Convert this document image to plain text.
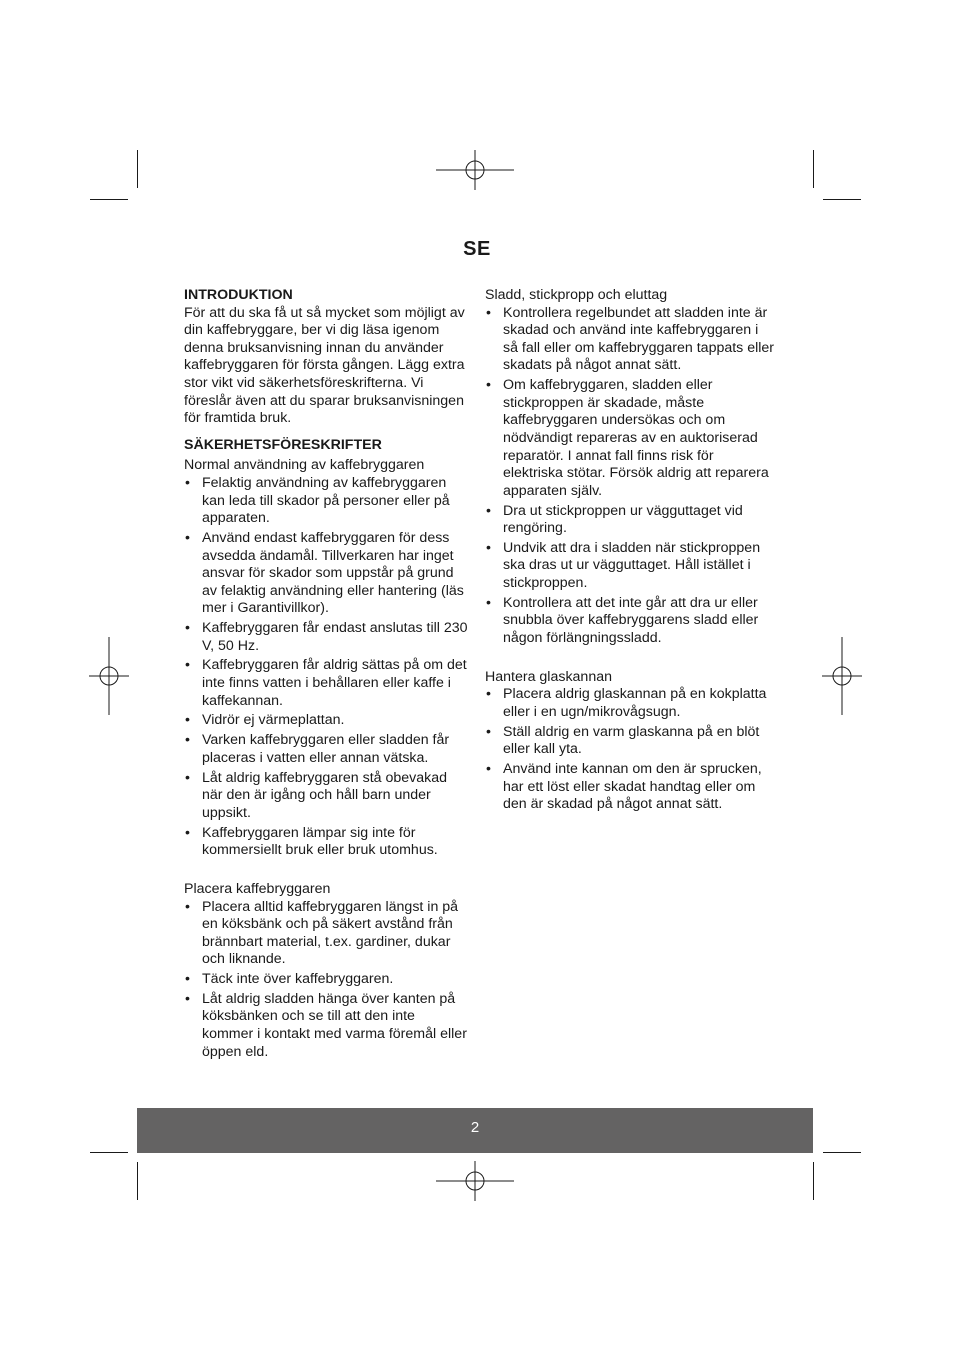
SE

INTRODUKTION

För att du ska få ut så mycket som möjligt av din kaffebryggare, ber vi dig läsa igenom denna bruksanvisning innan du använder kaffebryggaren för första gången. Lägg extra stor vikt vid säkerhetsföreskrifterna. Vi föreslår även att du sparar bruksanvisningen för framtida bruk.

SÄKERHETSFÖRESKRIFTER

Normal användning av kaffebryggaren

• Felaktig användning av kaffebryggaren kan leda till skador på personer eller på apparaten.
• Använd endast kaffebryggaren för dess avsedda ändamål. Tillverkaren har inget ansvar för skador som uppstår på grund av felaktig användning eller hantering (läs mer i Garantivillkor).
• Kaffebryggaren får endast anslutas till 230 V, 50 Hz.
• Kaffebryggaren får aldrig sättas på om det inte finns vatten i behållaren eller kaffe i kaffekannan.
• Vidrör ej värmeplattan.
• Varken kaffebryggaren eller sladden får placeras i vatten eller annan vätska.
• Låt aldrig kaffebryggaren stå obevakad när den är igång och håll barn under uppsikt.
• Kaffebryggaren lämpar sig inte för kommersiellt bruk eller bruk utomhus.

Placera kaffebryggaren

• Placera alltid kaffebryggaren längst in på en köksbänk och på säkert avstånd från brännbart material, t.ex. gardiner, dukar och liknande.
• Täck inte över kaffebryggaren.
• Låt aldrig sladden hänga över kanten på köksbänken och se till att den inte kommer i kontakt med varma föremål eller öppen eld.

Sladd, stickpropp och eluttag

• Kontrollera regelbundet att sladden inte är skadad och använd inte kaffebryggaren i så fall eller om kaffebryggaren tappats eller skadats på något annat sätt.
• Om kaffebryggaren, sladden eller stickproppen är skadade, måste kaffebryggaren undersökas och om nödvändigt repareras av en auktoriserad reparatör. I annat fall finns risk för elektriska stötar. Försök aldrig att reparera apparaten själv.
• Dra ut stickproppen ur vägguttaget vid rengöring.
• Undvik att dra i sladden när stickproppen ska dras ut ur vägguttaget. Håll istället i stickproppen.
• Kontrollera att det inte går att dra ur eller snubbla över kaffebryggarens sladd eller någon förlängningssladd.

Hantera glaskannan

• Placera aldrig glaskannan på en kokplatta eller i en ugn/mikrovågsugn.
• Ställ aldrig en varm glaskanna på en blöt eller kall yta.
• Använd inte kannan om den är sprucken, har ett löst eller skadat handtag eller om den är skadad på något annat sätt.
2
